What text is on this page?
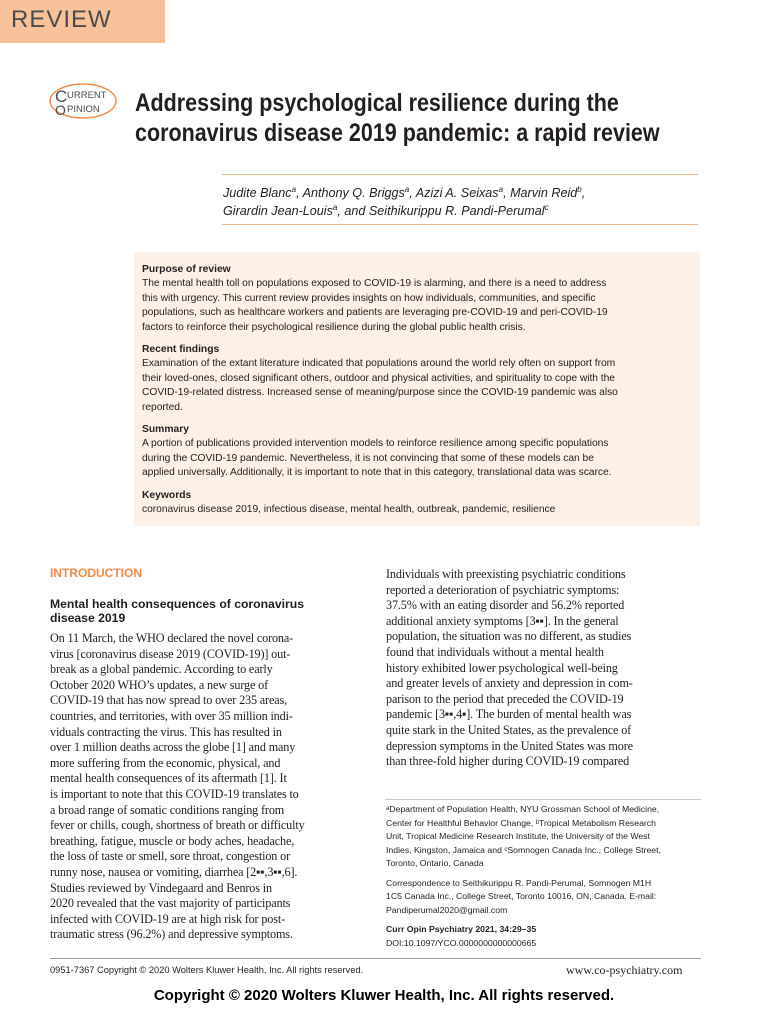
REVIEW
C URRENT
O PINION Addressing psychological resilience during the
coronavirus disease 2019 pandemic: a rapid review
Judite Blanc$^a$, Anthony Q. Briggs$^a$, Azizi A. Seixas$^a$, Marvin Reid$^b$,
Girardin Jean-Louis$^a$, and Seithikurippu R. Pandi-Perumal$^c$

Purpose of review

The mental health toll on populations exposed to COVID-19 is alarming, and there is a need to address
this with urgency. This current review provides insights on how individuals, communities, and specific
populations, such as healthcare workers and patients are leveraging pre-COVID-19 and peri-COVID-19
factors to reinforce their psychological resilience during the global public health crisis.

Recent findings

Examination of the extant literature indicated that populations around the world rely often on support from
their loved-ones, closed significant others, outdoor and physical activities, and spirituality to cope with the
COVID-19-related distress. Increased sense of meaning/purpose since the COVID-19 pandemic was also
reported.

Summary

A portion of publications provided intervention models to reinforce resilience among specific populations
during the COVID-19 pandemic. Nevertheless, it is not convincing that some of these models can be
applied universally. Additionally, it is important to note that in this category, translational data was scarce.

Keywords

coronavirus disease 2019, infectious disease, mental health, outbreak, pandemic, resilience

INTRODUCTION
Mental health consequences of coronavirus
disease 2019
On 11 March, the WHO declared the novel corona-
virus [coronavirus disease 2019 (COVID-19)] out-
break as a global pandemic. According to early
October 2020 WHO’s updates, a new surge of
COVID-19 that has now spread to over 235 areas,
countries, and territories, with over 35 million indi-
viduals contracting the virus. This has resulted in
over 1 million deaths across the globe [1] and many
more suffering from the economic, physical, and
mental health consequences of its aftermath [1]. It
is important to note that this COVID-19 translates to
a broad range of somatic conditions ranging from
fever or chills, cough, shortness of breath or difficulty
breathing, fatigue, muscle or body aches, headache,
the loss of taste or smell, sore throat, congestion or
runny nose, nausea or vomiting, diarrhea [2▪▪,3▪▪,6].
Studies reviewed by Vindegaard and Benros in
2020 revealed that the vast majority of participants
infected with COVID-19 are at high risk for post-
traumatic stress (96.2%) and depressive symptoms.
Individuals with preexisting psychiatric conditions
reported a deterioration of psychiatric symptoms:
37.5% with an eating disorder and 56.2% reported
additional anxiety symptoms [3▪▪]. In the general
population, the situation was no different, as studies
found that individuals without a mental health
history exhibited lower psychological well-being
and greater levels of anxiety and depression in com-
parison to the period that preceded the COVID-19
pandemic [3▪▪,4▪]. The burden of mental health was
quite stark in the United States, as the prevalence of
depression symptoms in the United States was more
than three-fold higher during COVID-19 compared
ᵃDepartment of Population Health, NYU Grossman School of Medicine,
Center for Healthful Behavior Change, ᵇTropical Metabolism Research
Unit, Tropical Medicine Research Institute, the University of the West
Indies, Kingston, Jamaica and ᶜSomnogen Canada Inc., College Street,
Toronto, Ontario, Canada
Correspondence to Seithikurippu R. Pandi-Perumal, Somnogen M1H
1C5 Canada Inc., College Street, Toronto 10016, ON, Canada. E-mail:
Pandiperumal2020@gmail.com
Curr Opin Psychiatry 2021, 34:29–35
DOI:10.1097/YCO.0000000000000665
0951-7367 Copyright © 2020 Wolters Kluwer Health, Inc. All rights reserved.	www.co-psychiatry.com
Copyright © 2020 Wolters Kluwer Health, Inc. All rights reserved.
